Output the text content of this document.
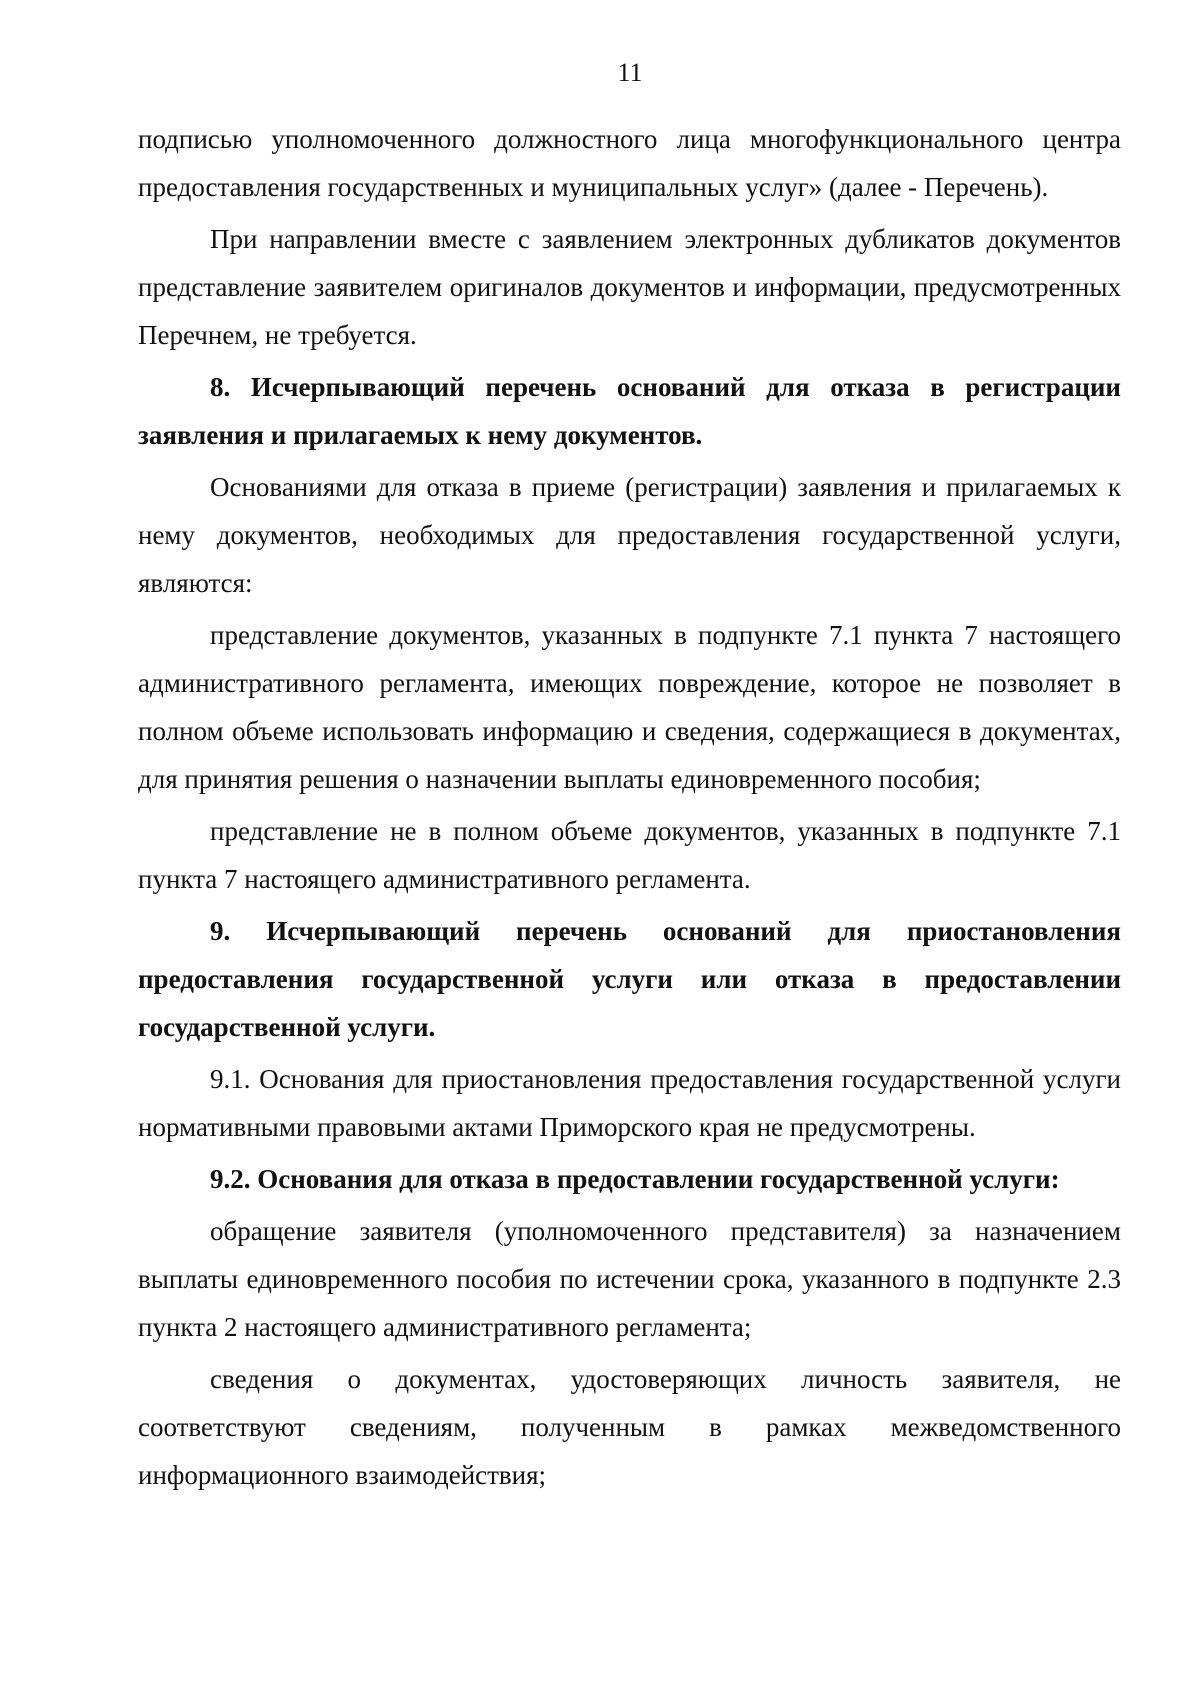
11

подписью уполномоченного должностного лица многофункционального центра предоставления государственных и муниципальных услуг» (далее - Перечень).

При направлении вместе с заявлением электронных дубликатов документов представление заявителем оригиналов документов и информации, предусмотренных Перечнем, не требуется.

8. Исчерпывающий перечень оснований для отказа в регистрации заявления и прилагаемых к нему документов.

Основаниями для отказа в приеме (регистрации) заявления и прилагаемых к нему документов, необходимых для предоставления государственной услуги, являются:

представление документов, указанных в подпункте 7.1 пункта 7 настоящего административного регламента, имеющих повреждение, которое не позволяет в полном объеме использовать информацию и сведения, содержащиеся в документах, для принятия решения о назначении выплаты единовременного пособия;

представление не в полном объеме документов, указанных в подпункте 7.1 пункта 7 настоящего административного регламента.

9. Исчерпывающий перечень оснований для приостановления предоставления государственной услуги или отказа в предоставлении государственной услуги.

9.1. Основания для приостановления предоставления государственной услуги нормативными правовыми актами Приморского края не предусмотрены.

9.2. Основания для отказа в предоставлении государственной услуги:

обращение заявителя (уполномоченного представителя) за назначением выплаты единовременного пособия по истечении срока, указанного в подпункте 2.3 пункта 2 настоящего административного регламента;

сведения о документах, удостоверяющих личность заявителя, не соответствуют сведениям, полученным в рамках межведомственного информационного взаимодействия;
